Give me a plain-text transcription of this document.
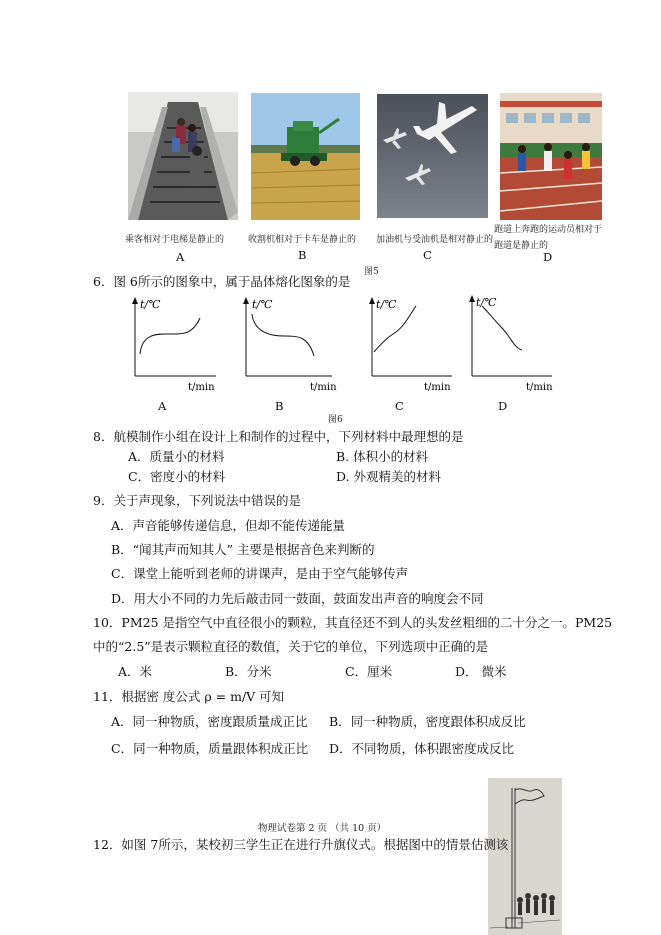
乘客相对于电梯是静止的	收割机相对于卡车是静止的 加油机与受油机是相对静止的
跑道上奔跑的运动员相对于
跑道是静止的
A	B	C	D
图5
6．图 6所示的图象中，属于晶体熔化图象的是
t/℃
t/min
t/℃
t/min
t/℃
t/min
t/℃
t/min
A	B	C	D
图6
8．航模制作小组在设计上和制作的过程中，下列材料中最理想的是
A．质量小的材料	B. 体积小的材料
C．密度小的材料	D. 外观精美的材料
9．关于声现象，下列说法中错误的是
A．声音能够传递信息，但却不能传递能量
B．“闻其声而知其人” 主要是根据音色来判断的
C．课堂上能听到老师的讲课声，是由于空气能够传声
D．用大小不同的力先后敲击同一鼓面，鼓面发出声音的响度会不同
10．PM25 是指空气中直径很小的颗粒，其直径还不到人的头发丝粗细的二十分之一。PM25
中的“2.5”是表示颗粒直径的数值，关于它的单位，下列选项中正确的是
A．米	B．分米	C．厘米	D． 微米
11．根据密 度公式 ρ = m/V 可知
A．同一种物质，密度跟质量成正比 B．同一种物质，密度跟体积成反比
C．同一种物质，质量跟体积成正比 D．不同物质，体积跟密度成反比
物理试卷第 2 页 （共 10 页）
12．如图 7所示，某校初三学生正在进行升旗仪式。根据图中的情景估测该
